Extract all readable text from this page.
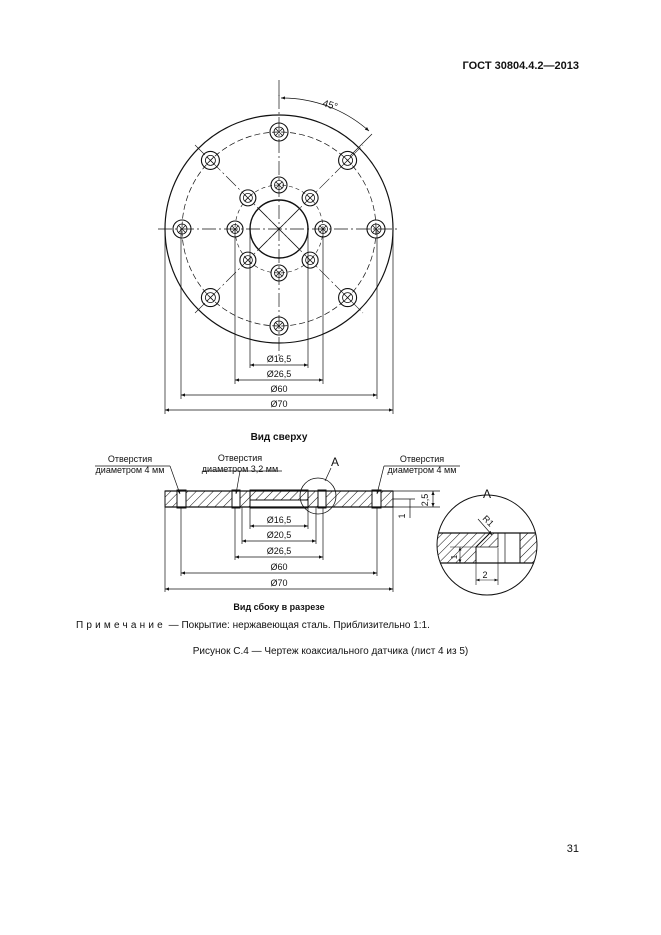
ГОСТ 30804.4.2—2013
45°
Ø16,5
Ø26,5
Ø60
Ø70
Вид сверху
A
Отверстия
диаметром 4 мм
Отверстия
диаметром 3,2 мм
Отверстия
диаметром 4 мм
2,5
1
Ø16,5
Ø20,5
Ø26,5
Ø60
Ø70
Вид сбоку в разрезе
A
R1
1
2
Примечание — Покрытие: нержавеющая сталь. Приблизительно 1:1.
Рисунок С.4 — Чертеж коаксиального датчика (лист 4 из 5)
31
